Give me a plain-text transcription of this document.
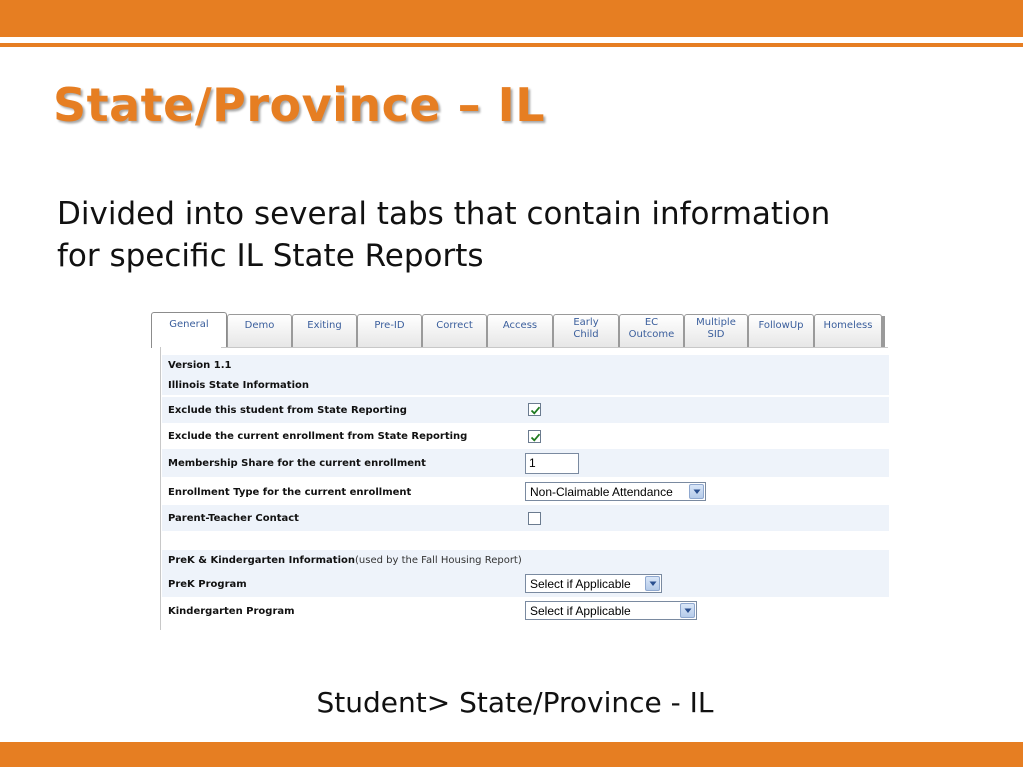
State/Province – IL
Divided into several tabs that contain information for specific IL State Reports
General	Demo	Exiting	Pre-ID	Correct	Access	Early Child
EC Outcome
Multiple SID
FollowUp	Homeless
Version 1.1
Illinois State Information
Exclude this student from State Reporting
Exclude the current enrollment from State Reporting
Membership Share for the current enrollment	1
Enrollment Type for the current enrollment	Non-Claimable Attendance
Parent-Teacher Contact
PreK & Kindergarten Information(used by the Fall Housing Report)
PreK Program	Select if Applicable
Kindergarten Program	Select if Applicable
Student> State/Province - IL
